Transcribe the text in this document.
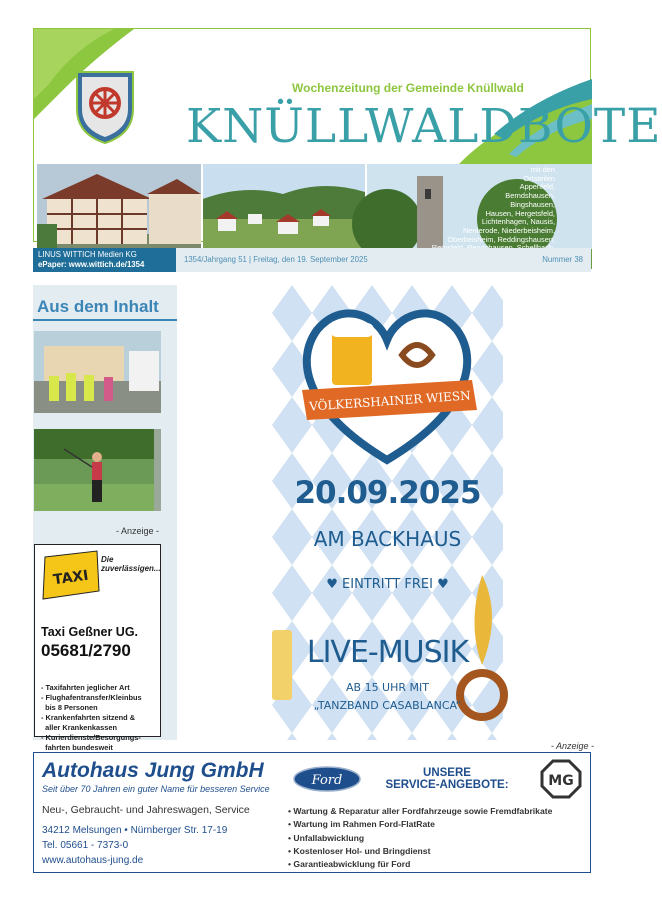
Wochenzeitung der Gemeinde Knüllwald
KNÜLLWALDBOTE
mit den
Ortsteilen
Appenfeld,
Berndshausen,
Bingshausen,
Hausen, Hergetsfeld,
Lichtenhagen, Nausis,
Nenterode, Niederbeisheim,
Oberbeisheim, Reddingshausen,
LINUS WITTICH Medien KG
ePaper: www.wittich.de/1354
1354/Jahrgang 51 | Freitag, den 19. September 2025	Nummer 38
Aus dem Inhalt
- Anzeige -
TAXI
Die zuverlässigen...
Taxi Geßner UG.
05681/2790

- Taxifahrten jeglicher Art
- Flughafentransfer/Kleinbus
bis 8 Personen
- Krankenfahrten sitzend &
aller Krankenkassen
- Kurierdienste/Besorgungs-
fahrten bundesweit

VÖLKERSHAINER WIESN
20.09.2025
AM BACKHAUS
♥ EINTRITT FREI ♥
LIVE-MUSIK
AB 15 UHR MIT
„TANZBAND CASABLANCA“
- Anzeige -
Autohaus Jung GmbH
Seit über 70 Jahren ein guter Name für besseren Service
Neu-, Gebraucht- und Jahreswagen, Service
34212 Melsungen • Nürnberger Str. 17-19
Tel. 05661 - 7373-0
www.autohaus-jung.de
Ford	UNSERE
SERVICE-ANGEBOTE:	MG
• Wartung & Reparatur aller Fordfahrzeuge sowie Fremdfabrikate
• Wartung im Rahmen Ford-FlatRate
• Unfallabwicklung
• Kostenloser Hol- und Bringdienst
• Garantieabwicklung für Ford
